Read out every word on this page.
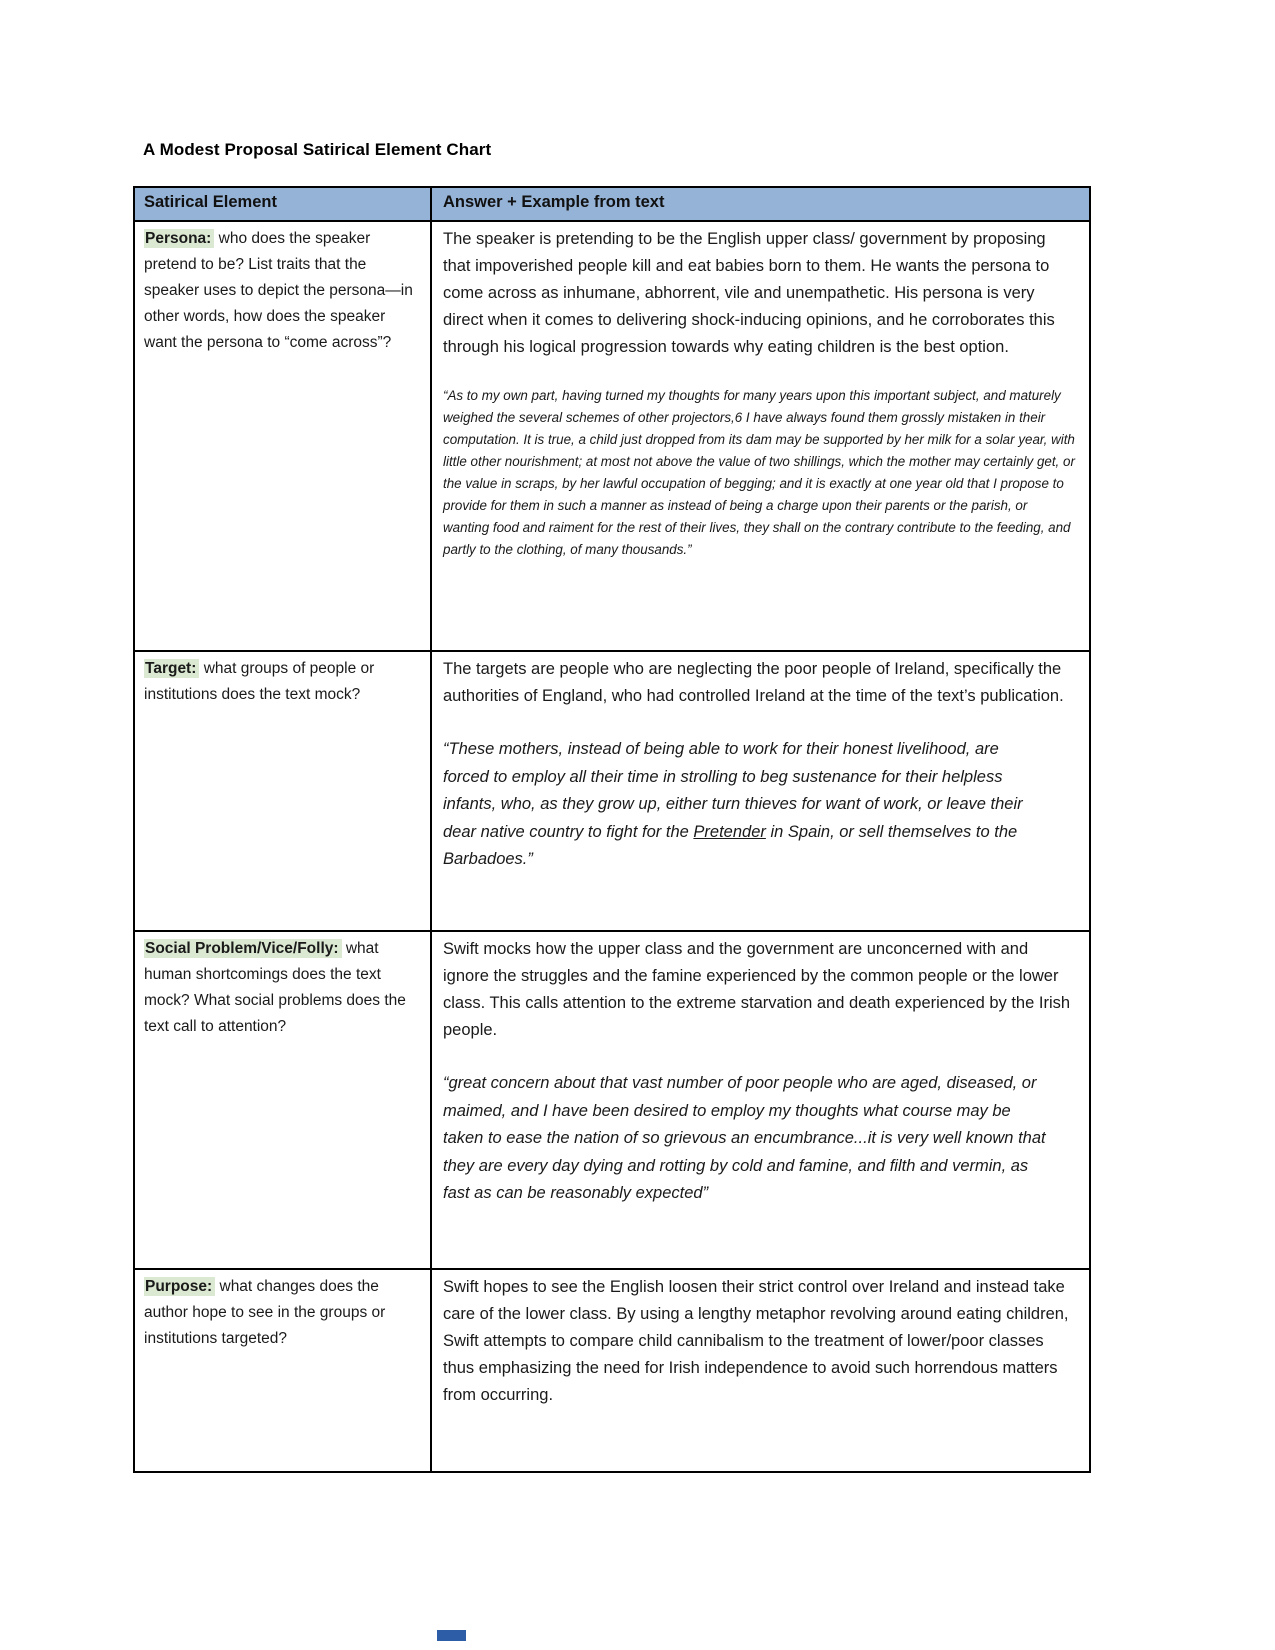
A Modest Proposal Satirical Element Chart
Satirical Element	Answer + Example from text

Persona: who does the speaker pretend to be? List traits that the speaker uses to depict the persona—in other words, how does the speaker want the persona to “come across”?

The speaker is pretending to be the English upper class/ government by proposing that impoverished people kill and eat babies born to them. He wants the persona to come across as inhumane, abhorrent, vile and unempathetic. His persona is very direct when it comes to delivering shock-inducing opinions, and he corroborates this through his logical progression towards why eating children is the best option.

“As to my own part, having turned my thoughts for many years upon this important subject, and maturely weighed the several schemes of other projectors,6 I have always found them grossly mistaken in their computation. It is true, a child just dropped from its dam may be supported by her milk for a solar year, with little other nourishment; at most not above the value of two shillings, which the mother may certainly get, or the value in scraps, by her lawful occupation of begging; and it is exactly at one year old that I propose to provide for them in such a manner as instead of being a charge upon their parents or the parish, or wanting food and raiment for the rest of their lives, they shall on the contrary contribute to the feeding, and partly to the clothing, of many thousands.”

Target: what groups of people or institutions does the text mock?

The targets are people who are neglecting the poor people of Ireland, specifically the authorities of England, who had controlled Ireland at the time of the text’s publication.

“These mothers, instead of being able to work for their honest livelihood, are forced to employ all their time in strolling to beg sustenance for their helpless infants, who, as they grow up, either turn thieves for want of work, or leave their dear native country to fight for the Pretender in Spain, or sell themselves to the Barbadoes.”

Social Problem/Vice/Folly: what human shortcomings does the text mock? What social problems does the text call to attention?

Swift mocks how the upper class and the government are unconcerned with and ignore the struggles and the famine experienced by the common people or the lower class. This calls attention to the extreme starvation and death experienced by the Irish people.

“great concern about that vast number of poor people who are aged, diseased, or maimed, and I have been desired to employ my thoughts what course may be taken to ease the nation of so grievous an encumbrance...it is very well known that they are every day dying and rotting by cold and famine, and filth and vermin, as fast as can be reasonably expected”

Purpose: what changes does the author hope to see in the groups or institutions targeted?

Swift hopes to see the English loosen their strict control over Ireland and instead take care of the lower class. By using a lengthy metaphor revolving around eating children, Swift attempts to compare child cannibalism to the treatment of lower/poor classes thus emphasizing the need for Irish independence to avoid such horrendous matters from occurring.
